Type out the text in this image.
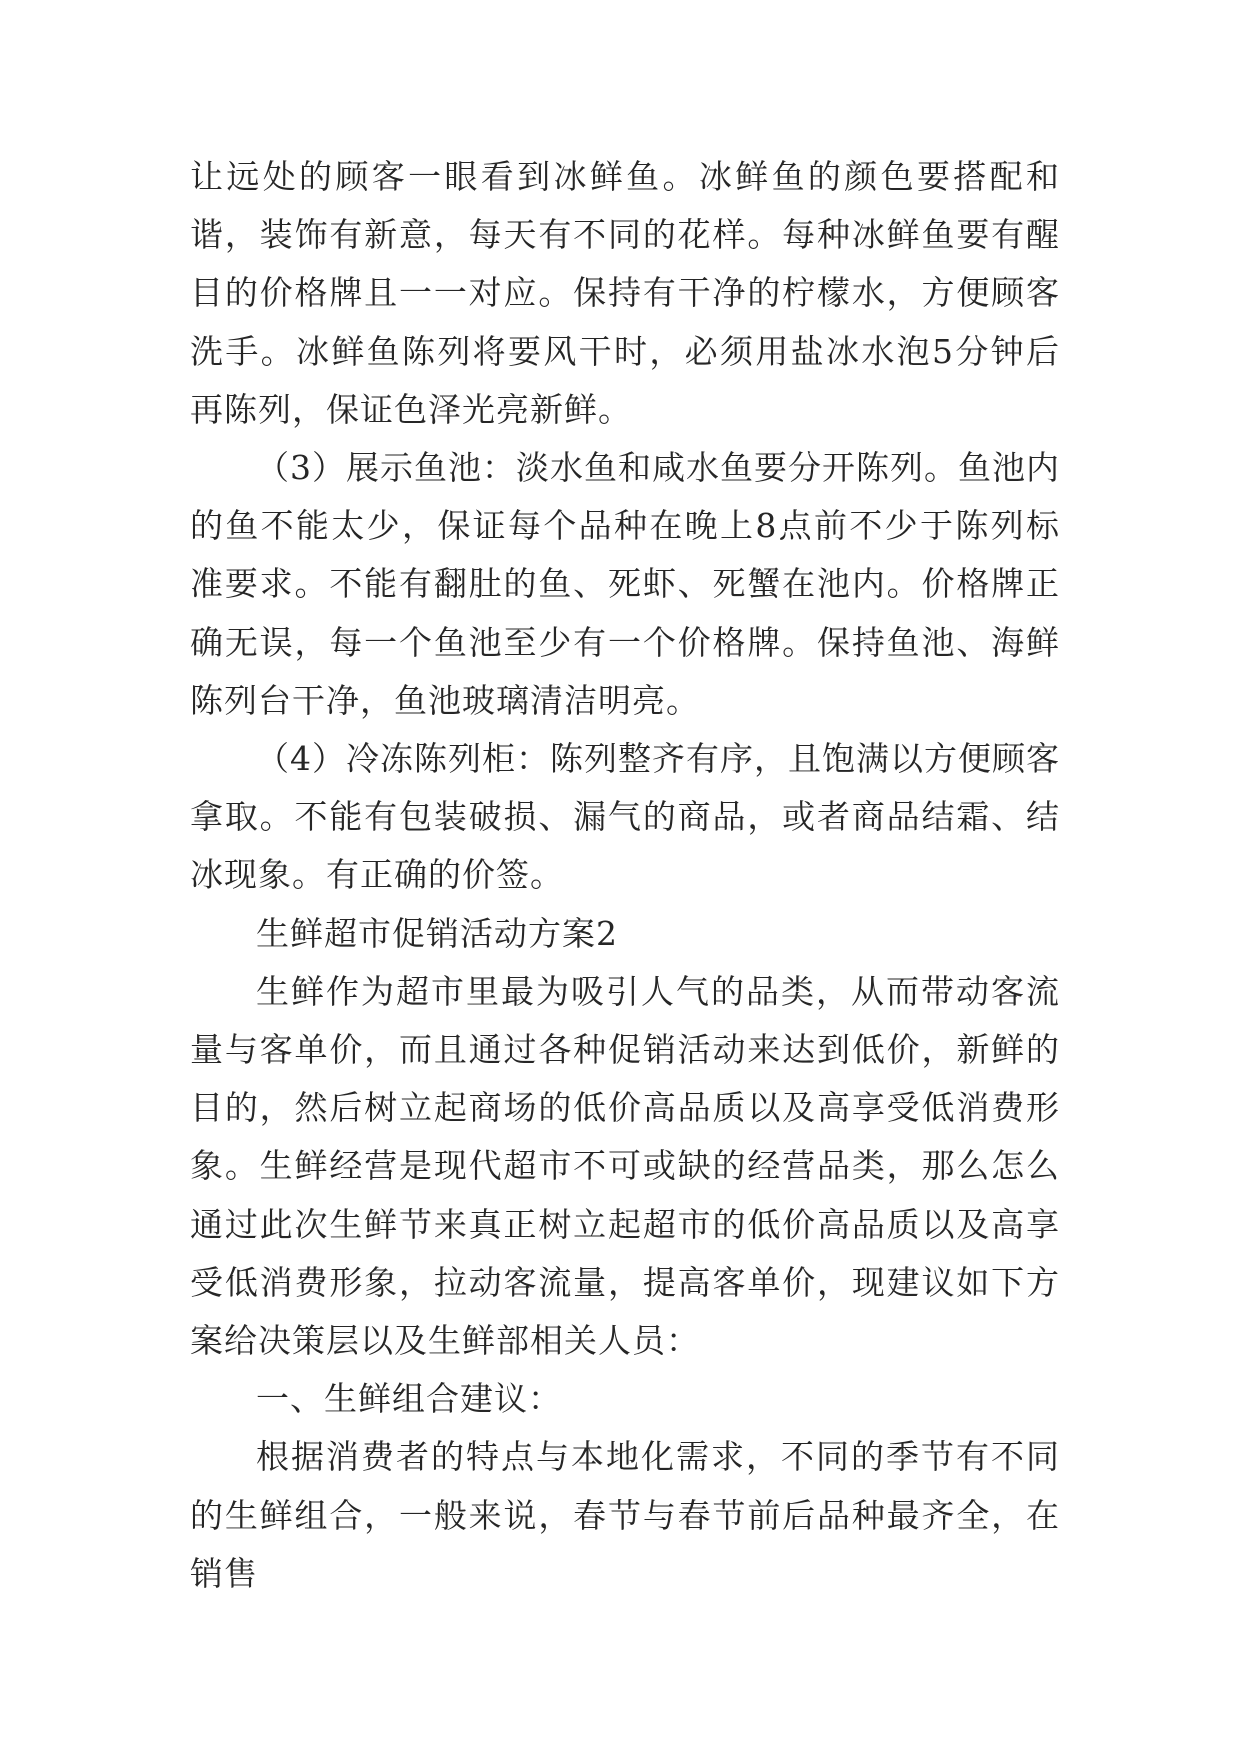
让远处的顾客一眼看到冰鲜鱼。冰鲜鱼的颜色要搭配和谐，装饰有新意，每天有不同的花样。每种冰鲜鱼要有醒目的价格牌且一一对应。保持有干净的柠檬水，方便顾客洗手。冰鲜鱼陈列将要风干时，必须用盐冰水泡5分钟后再陈列，保证色泽光亮新鲜。

（3）展示鱼池：淡水鱼和咸水鱼要分开陈列。鱼池内的鱼不能太少，保证每个品种在晚上8点前不少于陈列标准要求。不能有翻肚的鱼、死虾、死蟹在池内。价格牌正确无误，每一个鱼池至少有一个价格牌。保持鱼池、海鲜陈列台干净，鱼池玻璃清洁明亮。

（4）冷冻陈列柜：陈列整齐有序，且饱满以方便顾客拿取。不能有包装破损、漏气的商品，或者商品结霜、结冰现象。有正确的价签。

生鲜超市促销活动方案2

生鲜作为超市里最为吸引人气的品类，从而带动客流量与客单价，而且通过各种促销活动来达到低价，新鲜的目的，然后树立起商场的低价高品质以及高享受低消费形象。生鲜经营是现代超市不可或缺的经营品类，那么怎么通过此次生鲜节来真正树立起超市的低价高品质以及高享受低消费形象，拉动客流量，提高客单价，现建议如下方案给决策层以及生鲜部相关人员：

一、生鲜组合建议：

根据消费者的特点与本地化需求，不同的季节有不同的生鲜组合，一般来说，春节与春节前后品种最齐全，在销售
